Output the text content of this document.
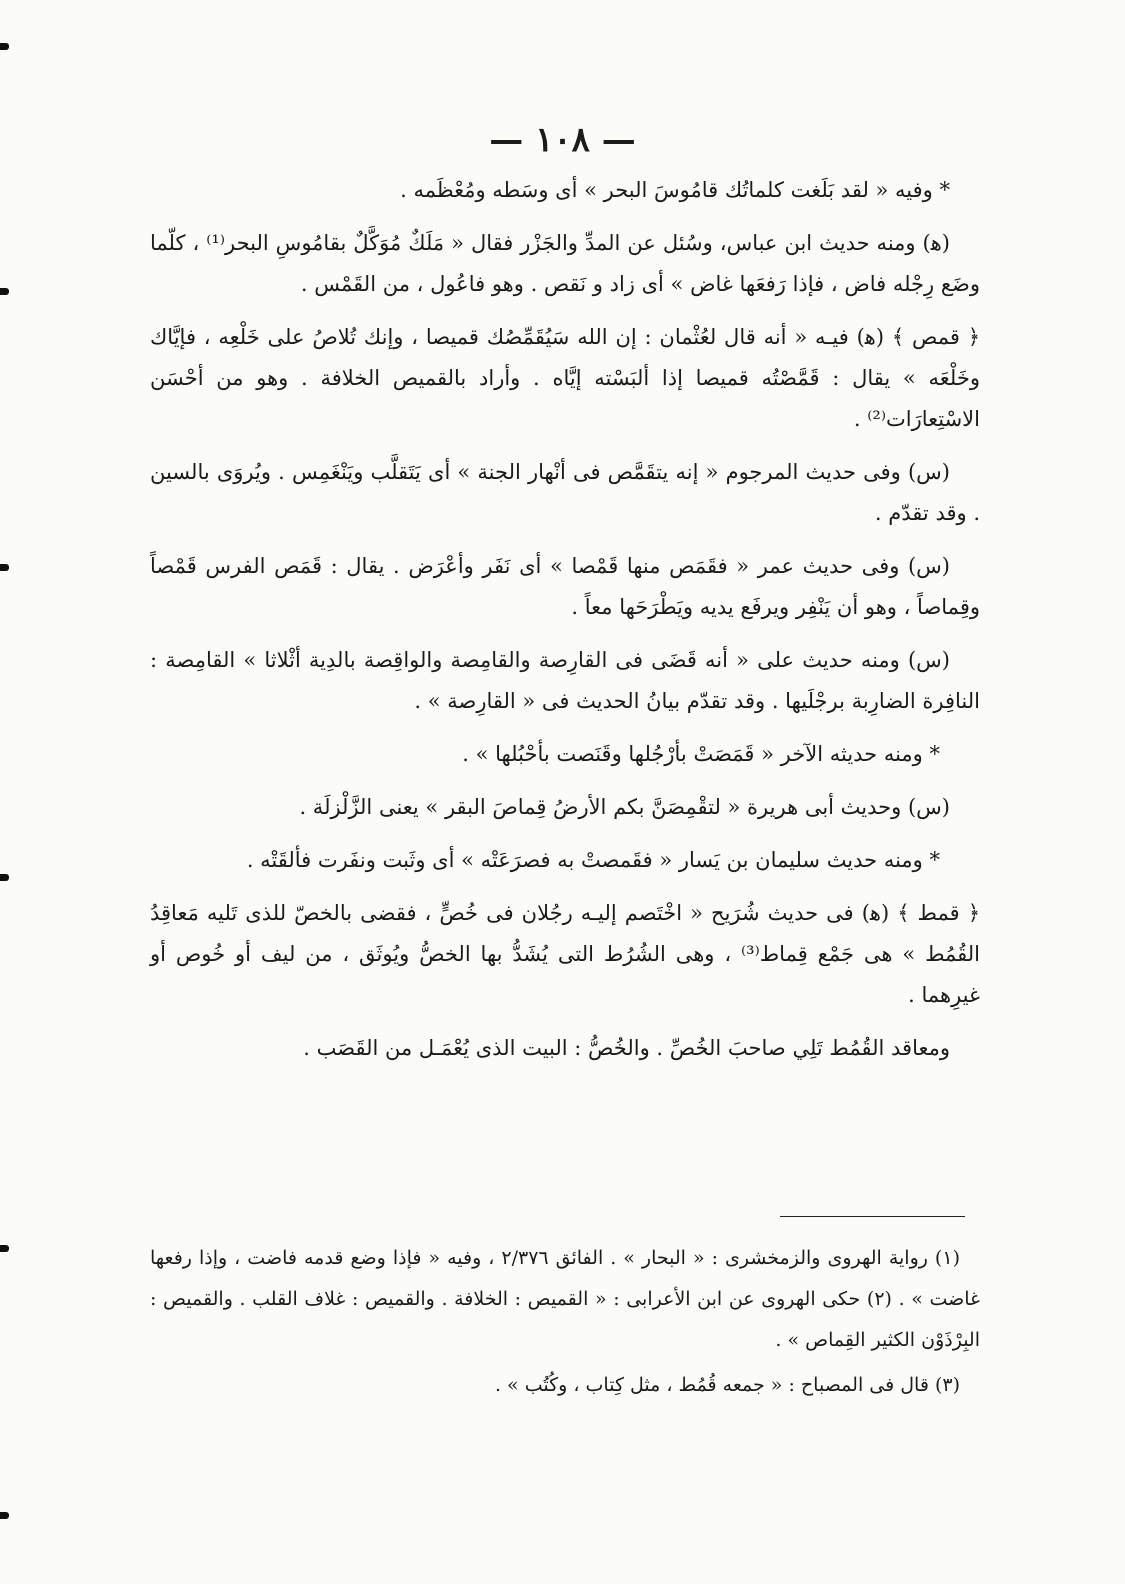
— ١٠٨ —

* وفيه « لقد بَلَغت كلماتُك قامُوسَ البحر » أى وسَطه ومُعْظَمه .

(ﻫ) ومنه حديث ابن عباس، وسُئل عن المدِّ والجَزْر فقال « مَلَكٌ مُوَكَّلٌ بقامُوسِ البحر⁽¹⁾ ، كلّما وضَع رِجْله فاض ، فإذا رَفعَها غاض » أى زاد و نَقص . وهو فاعُول ، من القَمْس .

﴿ قمص ﴾ (ﻫ) فيـه « أنه قال لعُثْمان : إن الله سَيُقَمِّصُك قميصا ، وإنك تُلاصُ على خَلْعِه ، فإيَّاك وخَلْعَه » يقال : قَمَّصْتُه قميصا إذا ألبَسْته إيَّاه . وأراد بالقميص الخلافة . وهو من أحْسَن الاسْتِعارَات⁽²⁾ .

(س) وفى حديث المرجوم « إنه يتقَمَّص فى أنْهار الجنة » أى يَتَقلَّب ويَنْغَمِس . ويُروَى بالسين . وقد تقدّم .

(س) وفى حديث عمر « فقَمَص منها قَمْصا » أى نَفَر وأعْرَض . يقال : قَمَص الفرس قَمْصاً وقِماصاً ، وهو أن يَنْفِر ويرفَع يديه ويَطْرَحَها معاً .

(س) ومنه حديث على « أنه قَضَى فى القارِصة والقامِصة والواقِصة بالدِية أثْلاثا » القامِصة : النافِرة الضارِبة برجْلَيها . وقد تقدّم بيانُ الحديث فى « القارِصة » .

* ومنه حديثه الآخر « قَمَصَتْ بأرْجُلها وقَنَصت بأحْبُلها » .

(س) وحديث أبى هريرة « لتقْمِصَنَّ بكم الأرضُ قِماصَ البقر » يعنى الزَّلْزلَة .

* ومنه حديث سليمان بن يَسار « فقَمصتْ به فصرَعَتْه » أى وثَبت ونفَرت فألقَتْه .

﴿ قمط ﴾ (ﻫ) فى حديث شُرَيح « اخْتَصم إليـه رجُلان فى خُصٍّ ، فقضى بالخصّ للذى تَليه مَعاقِدُ القُمُط » هى جَمْع قِماط⁽³⁾ ، وهى الشُرُط التى يُشَدُّ بها الخصُّ ويُوثَق ، من ليف أو خُوص أو غيرِهما .

ومعاقد القُمُط تَلِي صاحبَ الخُصِّ . والخُصُّ : البيت الذى يُعْمَـل من القَصَب .

(١) رواية الهروى والزمخشرى : « البحار » . الفائق ٢/٣٧٦ ، وفيه « فإذا وضع قدمه فاضت ، وإذا رفعها غاضت » . (٢) حكى الهروى عن ابن الأعرابى : « القميص : الخلافة . والقميص : غلاف القلب . والقميص : البِرْذَوْن الكثير القِماص » .

(٣) قال فى المصباح : « جمعه قُمُط ، مثل كِتاب ، وكُتُب » .
